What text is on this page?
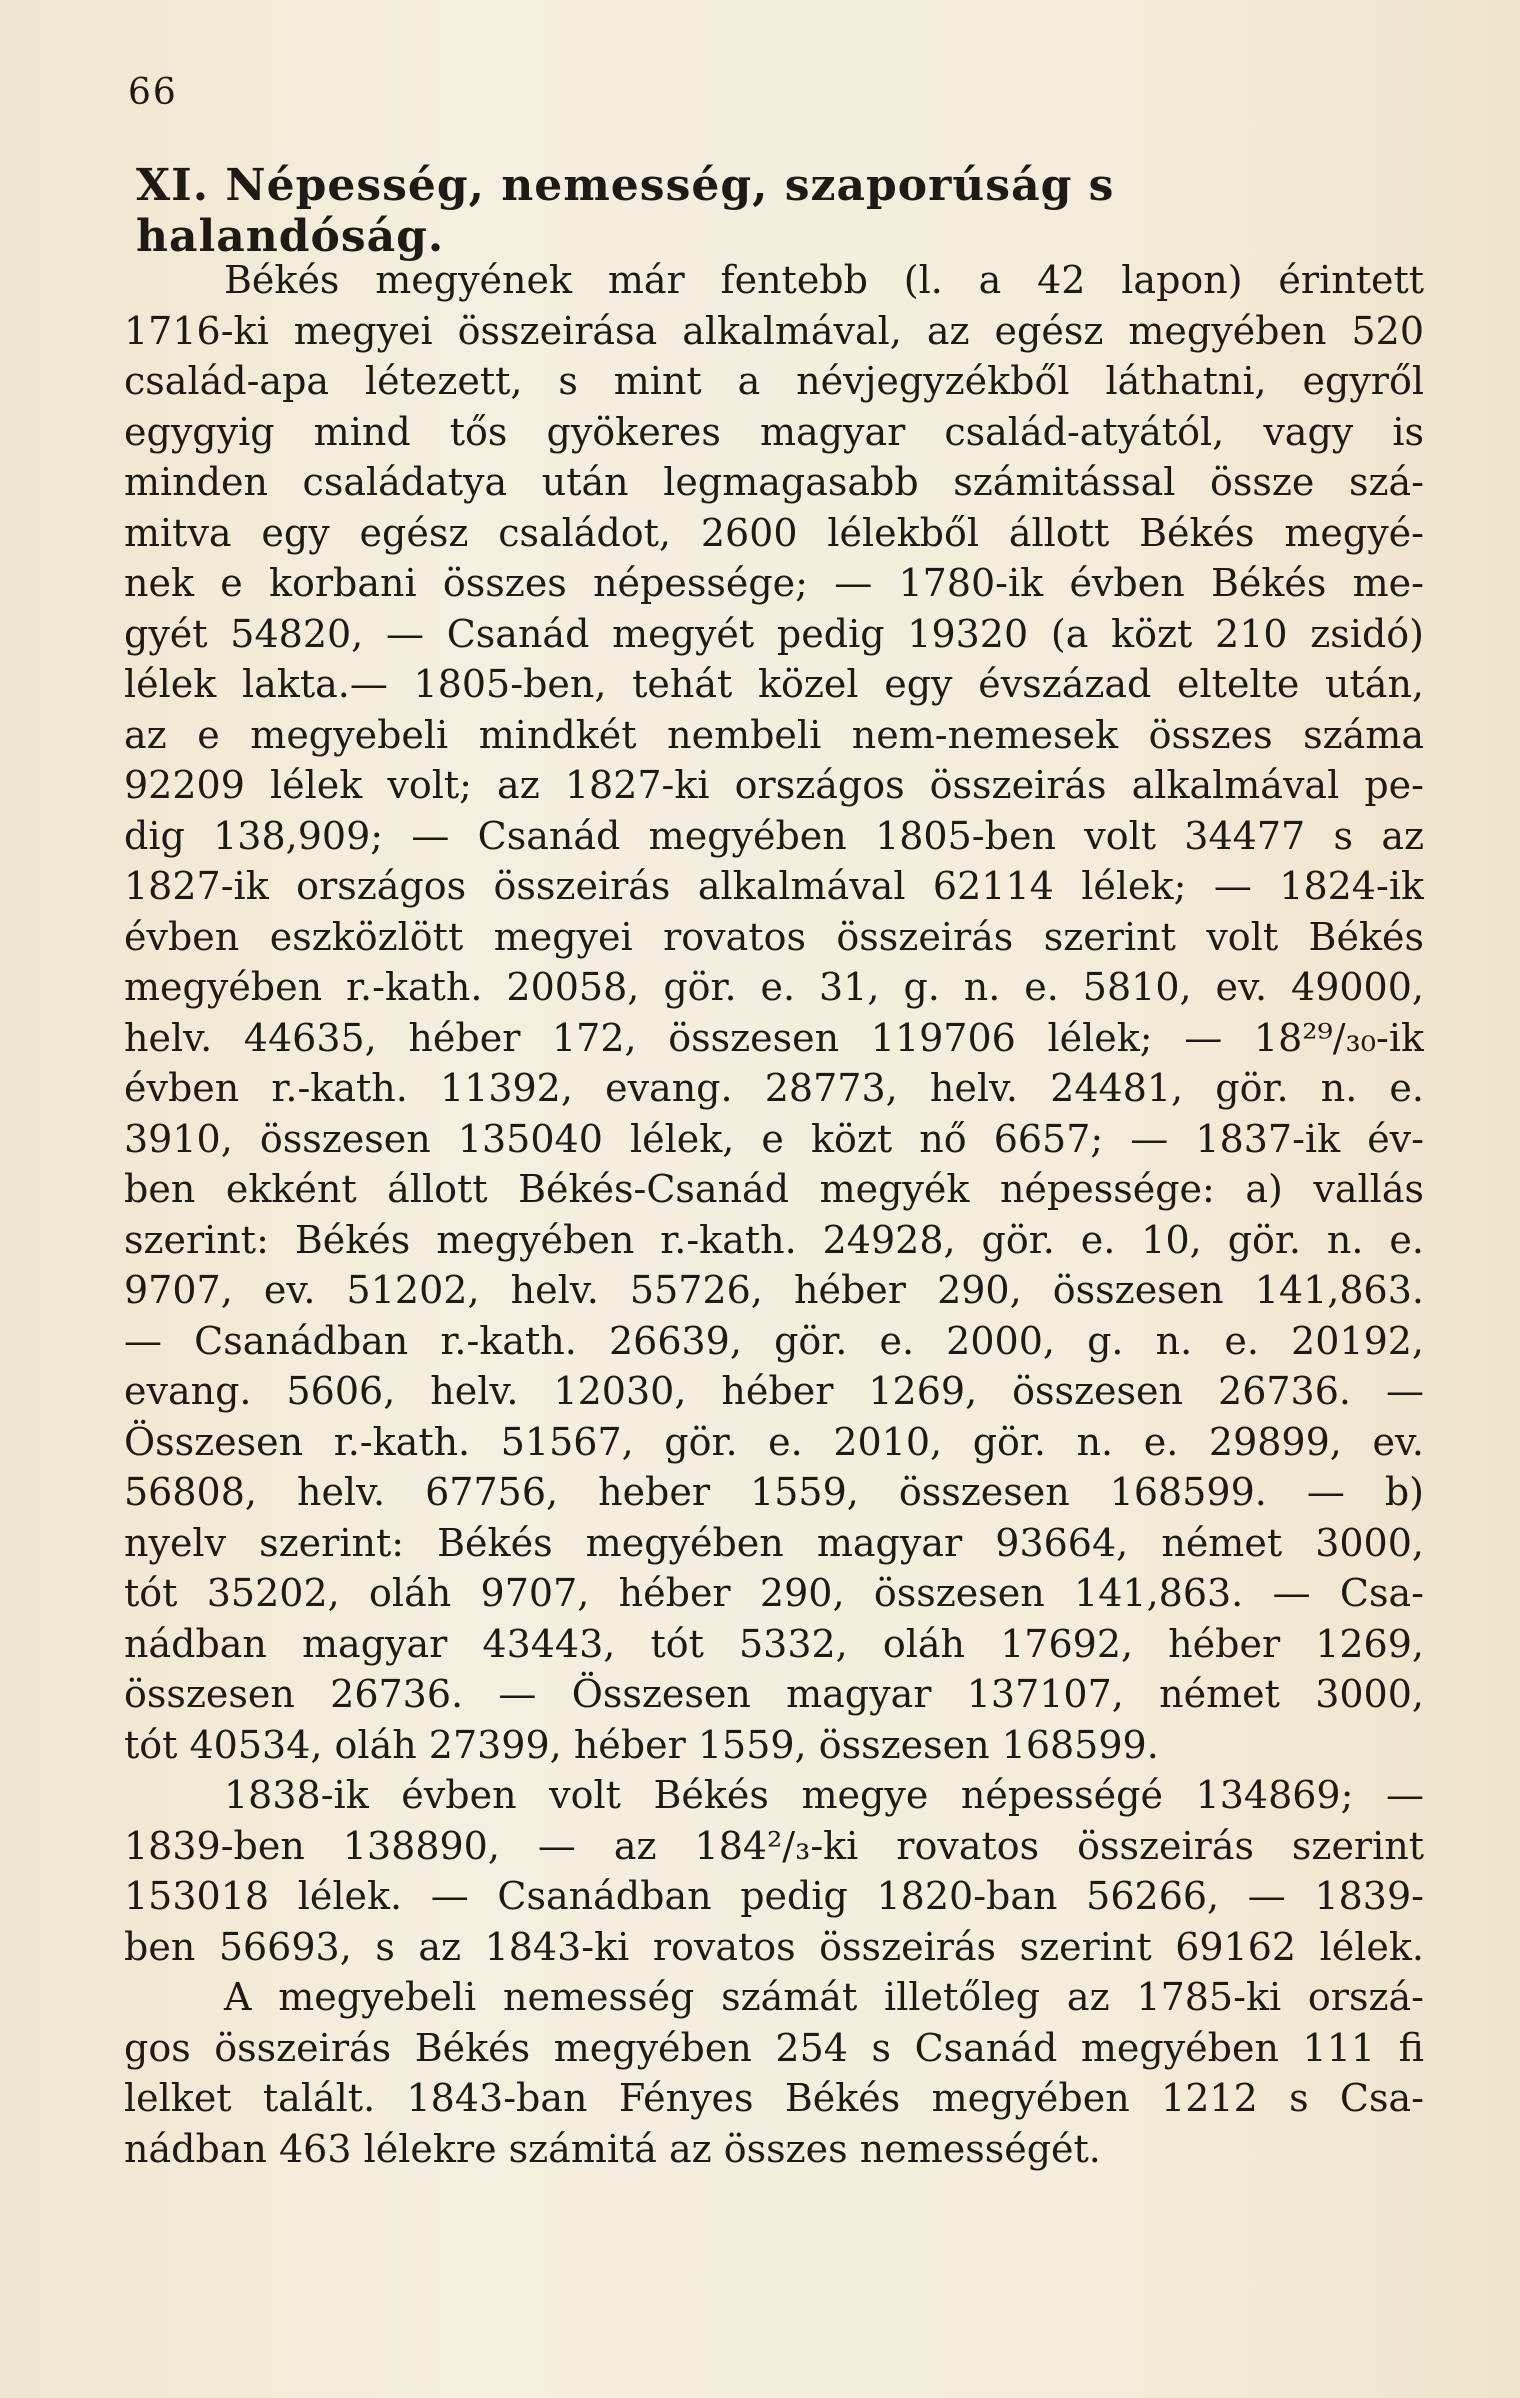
66
XI. Népesség, nemesség, szaporúság s halandóság.
Békés megyének már fentebb (l. a 42 lapon) érintett
1716-ki megyei összeirása alkalmával, az egész megyében 520
család-apa létezett, s mint a névjegyzékből láthatni, egyről
egygyig mind tős gyökeres magyar család-atyától, vagy is
minden családatya után legmagasabb számitással össze szá-
mitva egy egész családot, 2600 lélekből állott Békés megyé-
nek e korbani összes népessége; — 1780-ik évben Békés me-
gyét 54820, — Csanád megyét pedig 19320 (a közt 210 zsidó)
lélek lakta.— 1805-ben, tehát közel egy évszázad eltelte után,
az e megyebeli mindkét nembeli nem-nemesek összes száma
92209 lélek volt; az 1827-ki országos összeirás alkalmával pe-
dig 138,909; — Csanád megyében 1805-ben volt 34477 s az
1827-ik országos összeirás alkalmával 62114 lélek; — 1824-ik
évben eszközlött megyei rovatos összeirás szerint volt Békés
megyében r.-kath. 20058, gör. e. 31, g. n. e. 5810, ev. 49000,
helv. 44635, héber 172, összesen 119706 lélek; — 18²⁹/₃₀-ik
évben r.-kath. 11392, evang. 28773, helv. 24481, gör. n. e.
3910, összesen 135040 lélek, e közt nő 6657; — 1837-ik év-
ben ekként állott Békés-Csanád megyék népessége: a) vallás
szerint: Békés megyében r.-kath. 24928, gör. e. 10, gör. n. e.
9707, ev. 51202, helv. 55726, héber 290, összesen 141,863.
— Csanádban r.-kath. 26639, gör. e. 2000, g. n. e. 20192,
evang. 5606, helv. 12030, héber 1269, összesen 26736. —
Összesen r.-kath. 51567, gör. e. 2010, gör. n. e. 29899, ev.
56808, helv. 67756, heber 1559, összesen 168599. — b)
nyelv szerint: Békés megyében magyar 93664, német 3000,
tót 35202, oláh 9707, héber 290, összesen 141,863. — Csa-
nádban magyar 43443, tót 5332, oláh 17692, héber 1269,
összesen 26736. — Összesen magyar 137107, német 3000,
tót 40534, oláh 27399, héber 1559, összesen 168599.
1838-ik évben volt Békés megye népességé 134869; —
1839-ben 138890, — az 184²/₃-ki rovatos összeirás szerint
153018 lélek. — Csanádban pedig 1820-ban 56266, — 1839-
ben 56693, s az 1843-ki rovatos összeirás szerint 69162 lélek.
A megyebeli nemesség számát illetőleg az 1785-ki orszá-
gos összeirás Békés megyében 254 s Csanád megyében 111 fi
lelket talált. 1843-ban Fényes Békés megyében 1212 s Csa-
nádban 463 lélekre számitá az összes nemességét.
